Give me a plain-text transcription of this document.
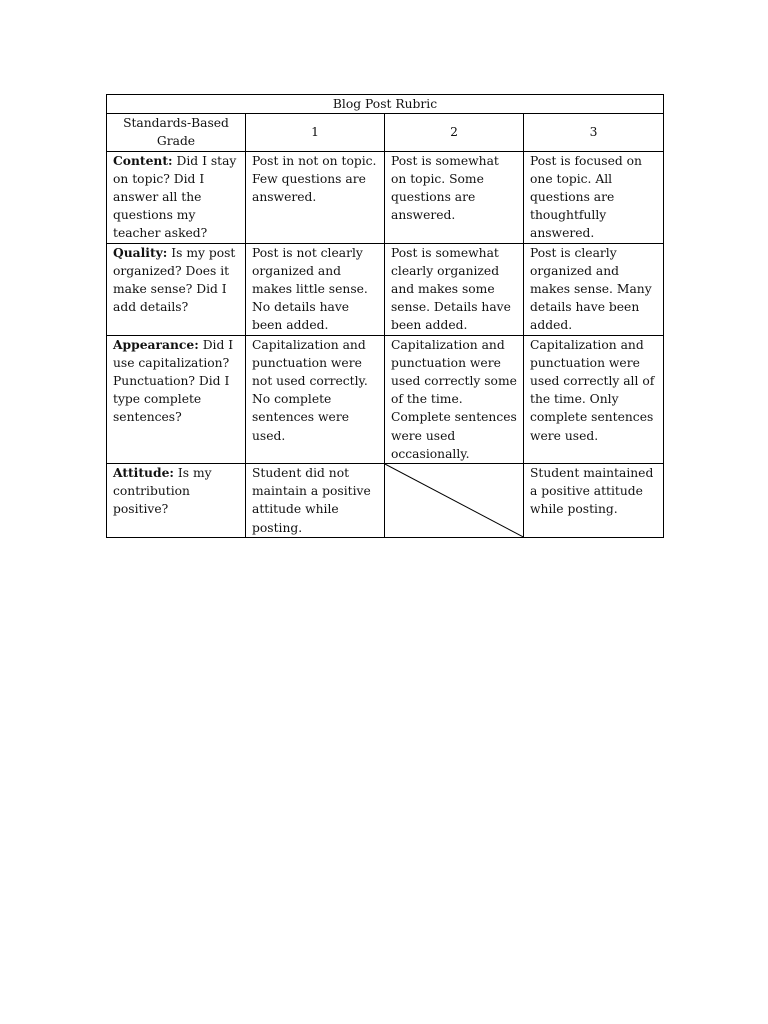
Blog Post Rubric			
Standards-Based Grade	1	2	3
Content: Did I stay on topic? Did I answer all the questions my teacher asked?	Post in not on topic. Few questions are answered.	Post is somewhat on topic. Some questions are answered.	Post is focused on one topic. All questions are thoughtfully answered.
Quality: Is my post organized? Does it make sense? Did I add details?	Post is not clearly organized and makes little sense. No details have been added.	Post is somewhat clearly organized and makes some sense. Details have been added.	Post is clearly organized and makes sense. Many details have been added.
Appearance: Did I use capitalization? Punctuation? Did I type complete sentences?	Capitalization and punctuation were not used correctly. No complete sentences were used.	Capitalization and punctuation were used correctly some of the time. Complete sentences were used occasionally.	Capitalization and punctuation were used correctly all of the time. Only complete sentences were used.
Attitude: Is my contribution positive?	Student did not maintain a positive attitude while posting.		Student maintained a positive attitude while posting.
